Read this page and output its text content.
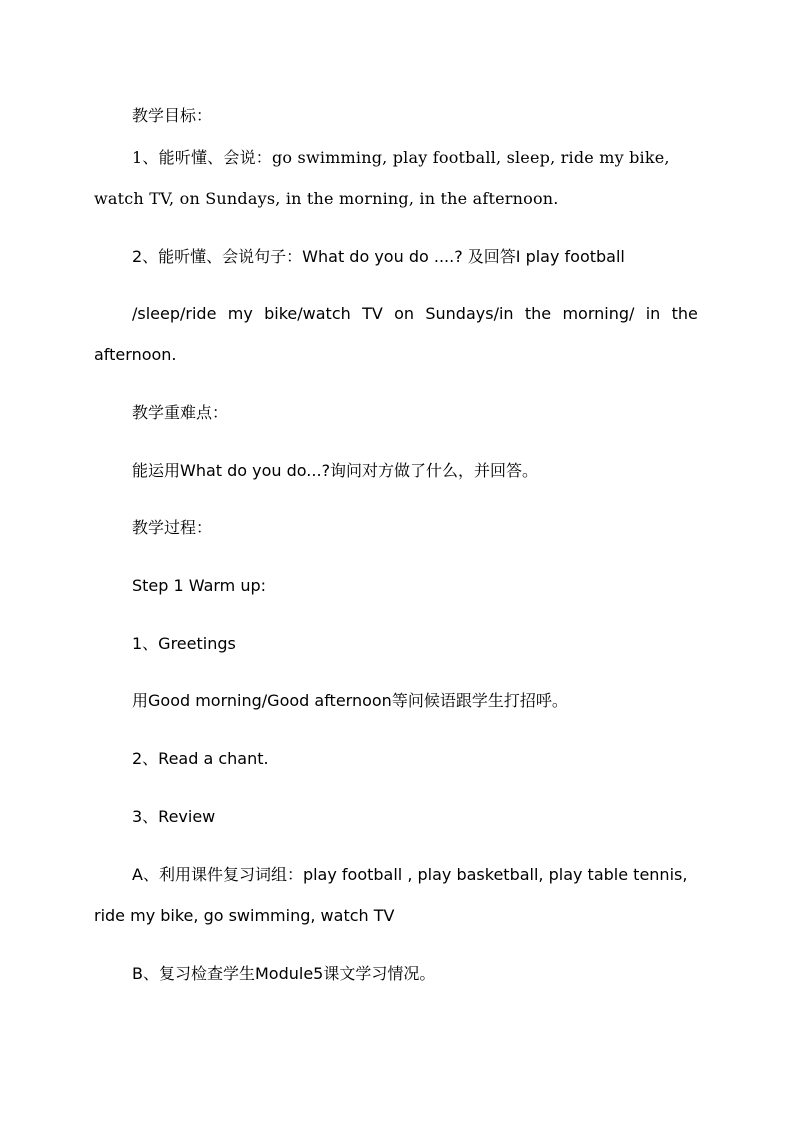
教学目标：
1、能听懂、会说：go swimming, play football, sleep, ride my bike,
watch TV, on Sundays, in the morning, in the afternoon.
2、能听懂、会说句子：What do you do ....? 及回答I play football
/sleep/ride my bike/watch TV on Sundays/in the morning/ in the
afternoon.
教学重难点：
能运用What do you do...?询问对方做了什么，并回答。
教学过程：
Step 1 Warm up:
1、Greetings
用Good morning/Good afternoon等问候语跟学生打招呼。
2、Read a chant.
3、Review
A、利用课件复习词组：play football , play basketball, play table tennis,
ride my bike, go swimming, watch TV
B、复习检查学生Module5课文学习情况。
